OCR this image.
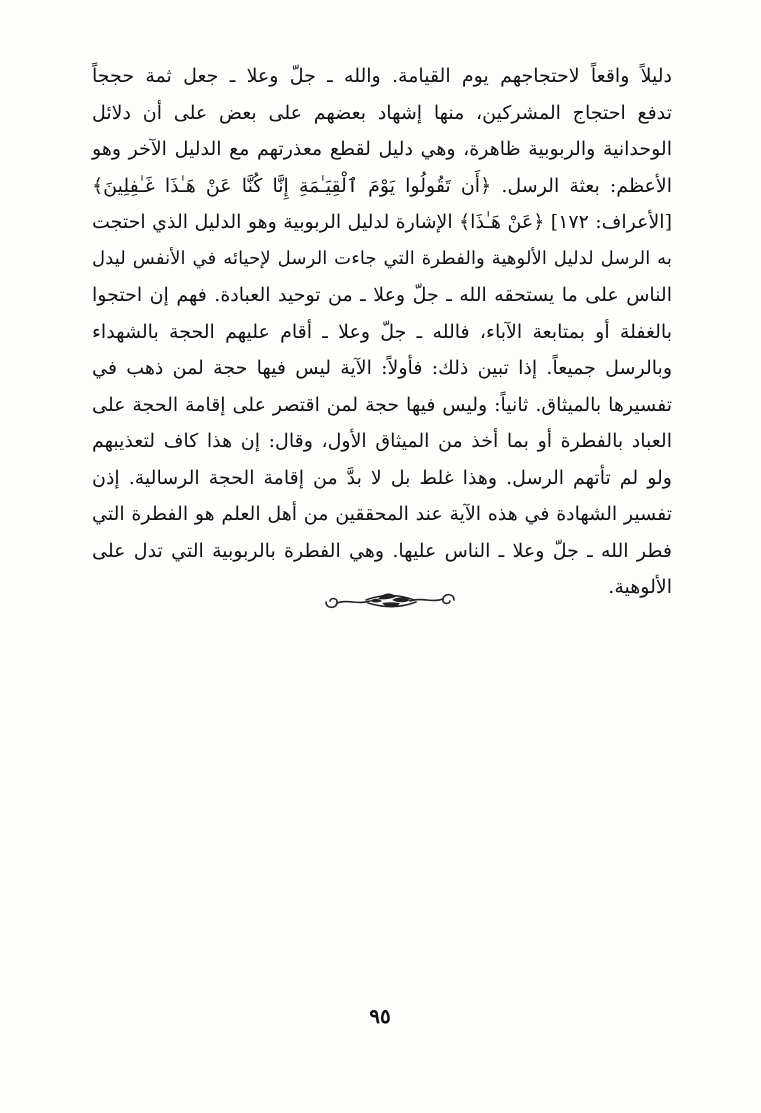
دليلاً واقعاً لاحتجاجهم يوم القيامة. والله ـ جلّ وعلا ـ جعل ثمة حججاً
تدفع احتجاج المشركين، منها إشهاد بعضهم على بعض على أن دلائل
الوحدانية والربوبية ظاهرة، وهي دليل لقطع معذرتهم مع الدليل الآخر وهو
الأعظم: بعثة الرسل. ﴿أَن تَقُولُوا يَوْمَ ٱلْقِيَـٰمَةِ إِنَّا كُنَّا عَنْ هَـٰذَا غَـٰفِلِينَ﴾
[الأعراف: ١٧٢] ﴿عَنْ هَـٰذَا﴾ الإشارة لدليل الربوبية وهو الدليل الذي احتجت
به الرسل لدليل الألوهية والفطرة التي جاءت الرسل لإحيائه في الأنفس ليدل
الناس على ما يستحقه الله ـ جلّ وعلا ـ من توحيد العبادة. فهم إن احتجوا
بالغفلة أو بمتابعة الآباء، فالله ـ جلّ وعلا ـ أقام عليهم الحجة بالشهداء
وبالرسل جميعاً. إذا تبين ذلك: فأولاً: الآية ليس فيها حجة لمن ذهب في
تفسيرها بالميثاق. ثانياً: وليس فيها حجة لمن اقتصر على إقامة الحجة على
العباد بالفطرة أو بما أخذ من الميثاق الأول، وقال: إن هذا كاف لتعذيبهم
ولو لم تأتهم الرسل. وهذا غلط بل لا بدَّ من إقامة الحجة الرسالية. إذن
تفسير الشهادة في هذه الآية عند المحققين من أهل العلم هو الفطرة التي
فطر الله ـ جلّ وعلا ـ الناس عليها. وهي الفطرة بالربوبية التي تدل على
الألوهية.
٩٥
